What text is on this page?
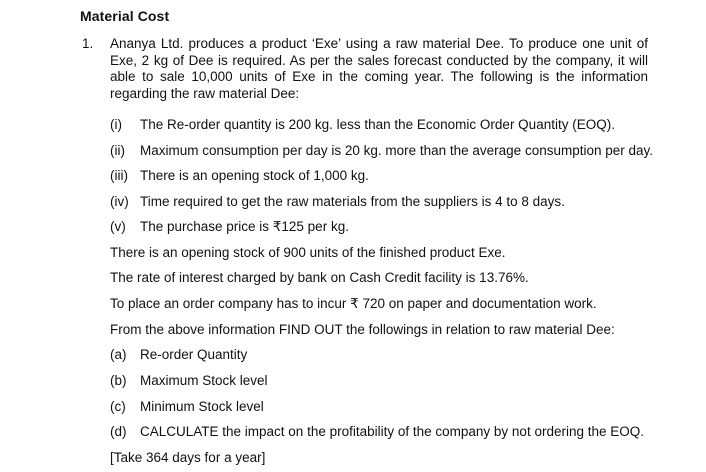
Material Cost
1. Ananya Ltd. produces a product ‘Exe’ using a raw material Dee. To produce one unit of Exe, 2 kg of Dee is required. As per the sales forecast conducted by the company, it will able to sale 10,000 units of Exe in the coming year. The following is the information regarding the raw material Dee:
(i) The Re-order quantity is 200 kg. less than the Economic Order Quantity (EOQ).
(ii) Maximum consumption per day is 20 kg. more than the average consumption per day.
(iii) There is an opening stock of 1,000 kg.
(iv) Time required to get the raw materials from the suppliers is 4 to 8 days.
(v) The purchase price is ₹125 per kg.
There is an opening stock of 900 units of the finished product Exe.
The rate of interest charged by bank on Cash Credit facility is 13.76%.
To place an order company has to incur ₹ 720 on paper and documentation work.
From the above information FIND OUT the followings in relation to raw material Dee:
(a) Re-order Quantity
(b) Maximum Stock level
(c) Minimum Stock level
(d) CALCULATE the impact on the profitability of the company by not ordering the EOQ.
[Take 364 days for a year]
